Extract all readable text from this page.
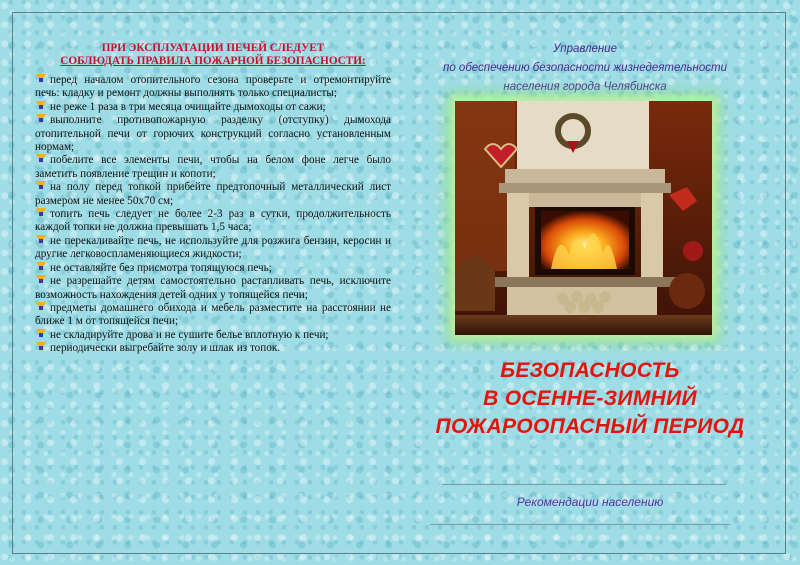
ПРИ ЭКСПЛУАТАЦИИ ПЕЧЕЙ СЛЕДУЕТ
СОБЛЮДАТЬ ПРАВИЛА ПОЖАРНОЙ БЕЗОПАСНОСТИ:

перед началом отопительного сезона проверьте и отремонтируйте печь: кладку и ремонт должны выполнять только специалисты;

не реже 1 раза в три месяца очищайте дымоходы от сажи;

выполните противопожарную разделку (отступку) дымохода отопительной печи от горючих конструкций согласно установленным нормам;

побелите все элементы печи, чтобы на белом фоне легче было заметить появление трещин и копоти;

на полу перед топкой прибейте предтопочный металлический лист размером не менее 50х70 см;

топить печь следует не более 2-3 раз в сутки, продолжительность каждой топки не должна превышать 1,5 часа;

не перекаливайте печь, не используйте для розжига бензин, керосин и другие легковоспламеняющиеся жидкости;

не оставляйте без присмотра топящуюся печь;

не разрешайте детям самостоятельно растапливать печь, исключите возможность нахождения детей одних у топящейся печи;

предметы домашнего обихода и мебель разместите на расстоянии не ближе 1 м от топящейся печи;

не складируйте дрова и не сушите белье вплотную к печи;

периодически выгребайте золу и шлак из топок.

Управление
по обеспечению безопасности жизнедеятельности
населения города Челябинска
БЕЗОПАСНОСТЬ
В ОСЕННЕ-ЗИМНИЙ
ПОЖАРООПАСНЫЙ ПЕРИОД
Рекомендации населению
